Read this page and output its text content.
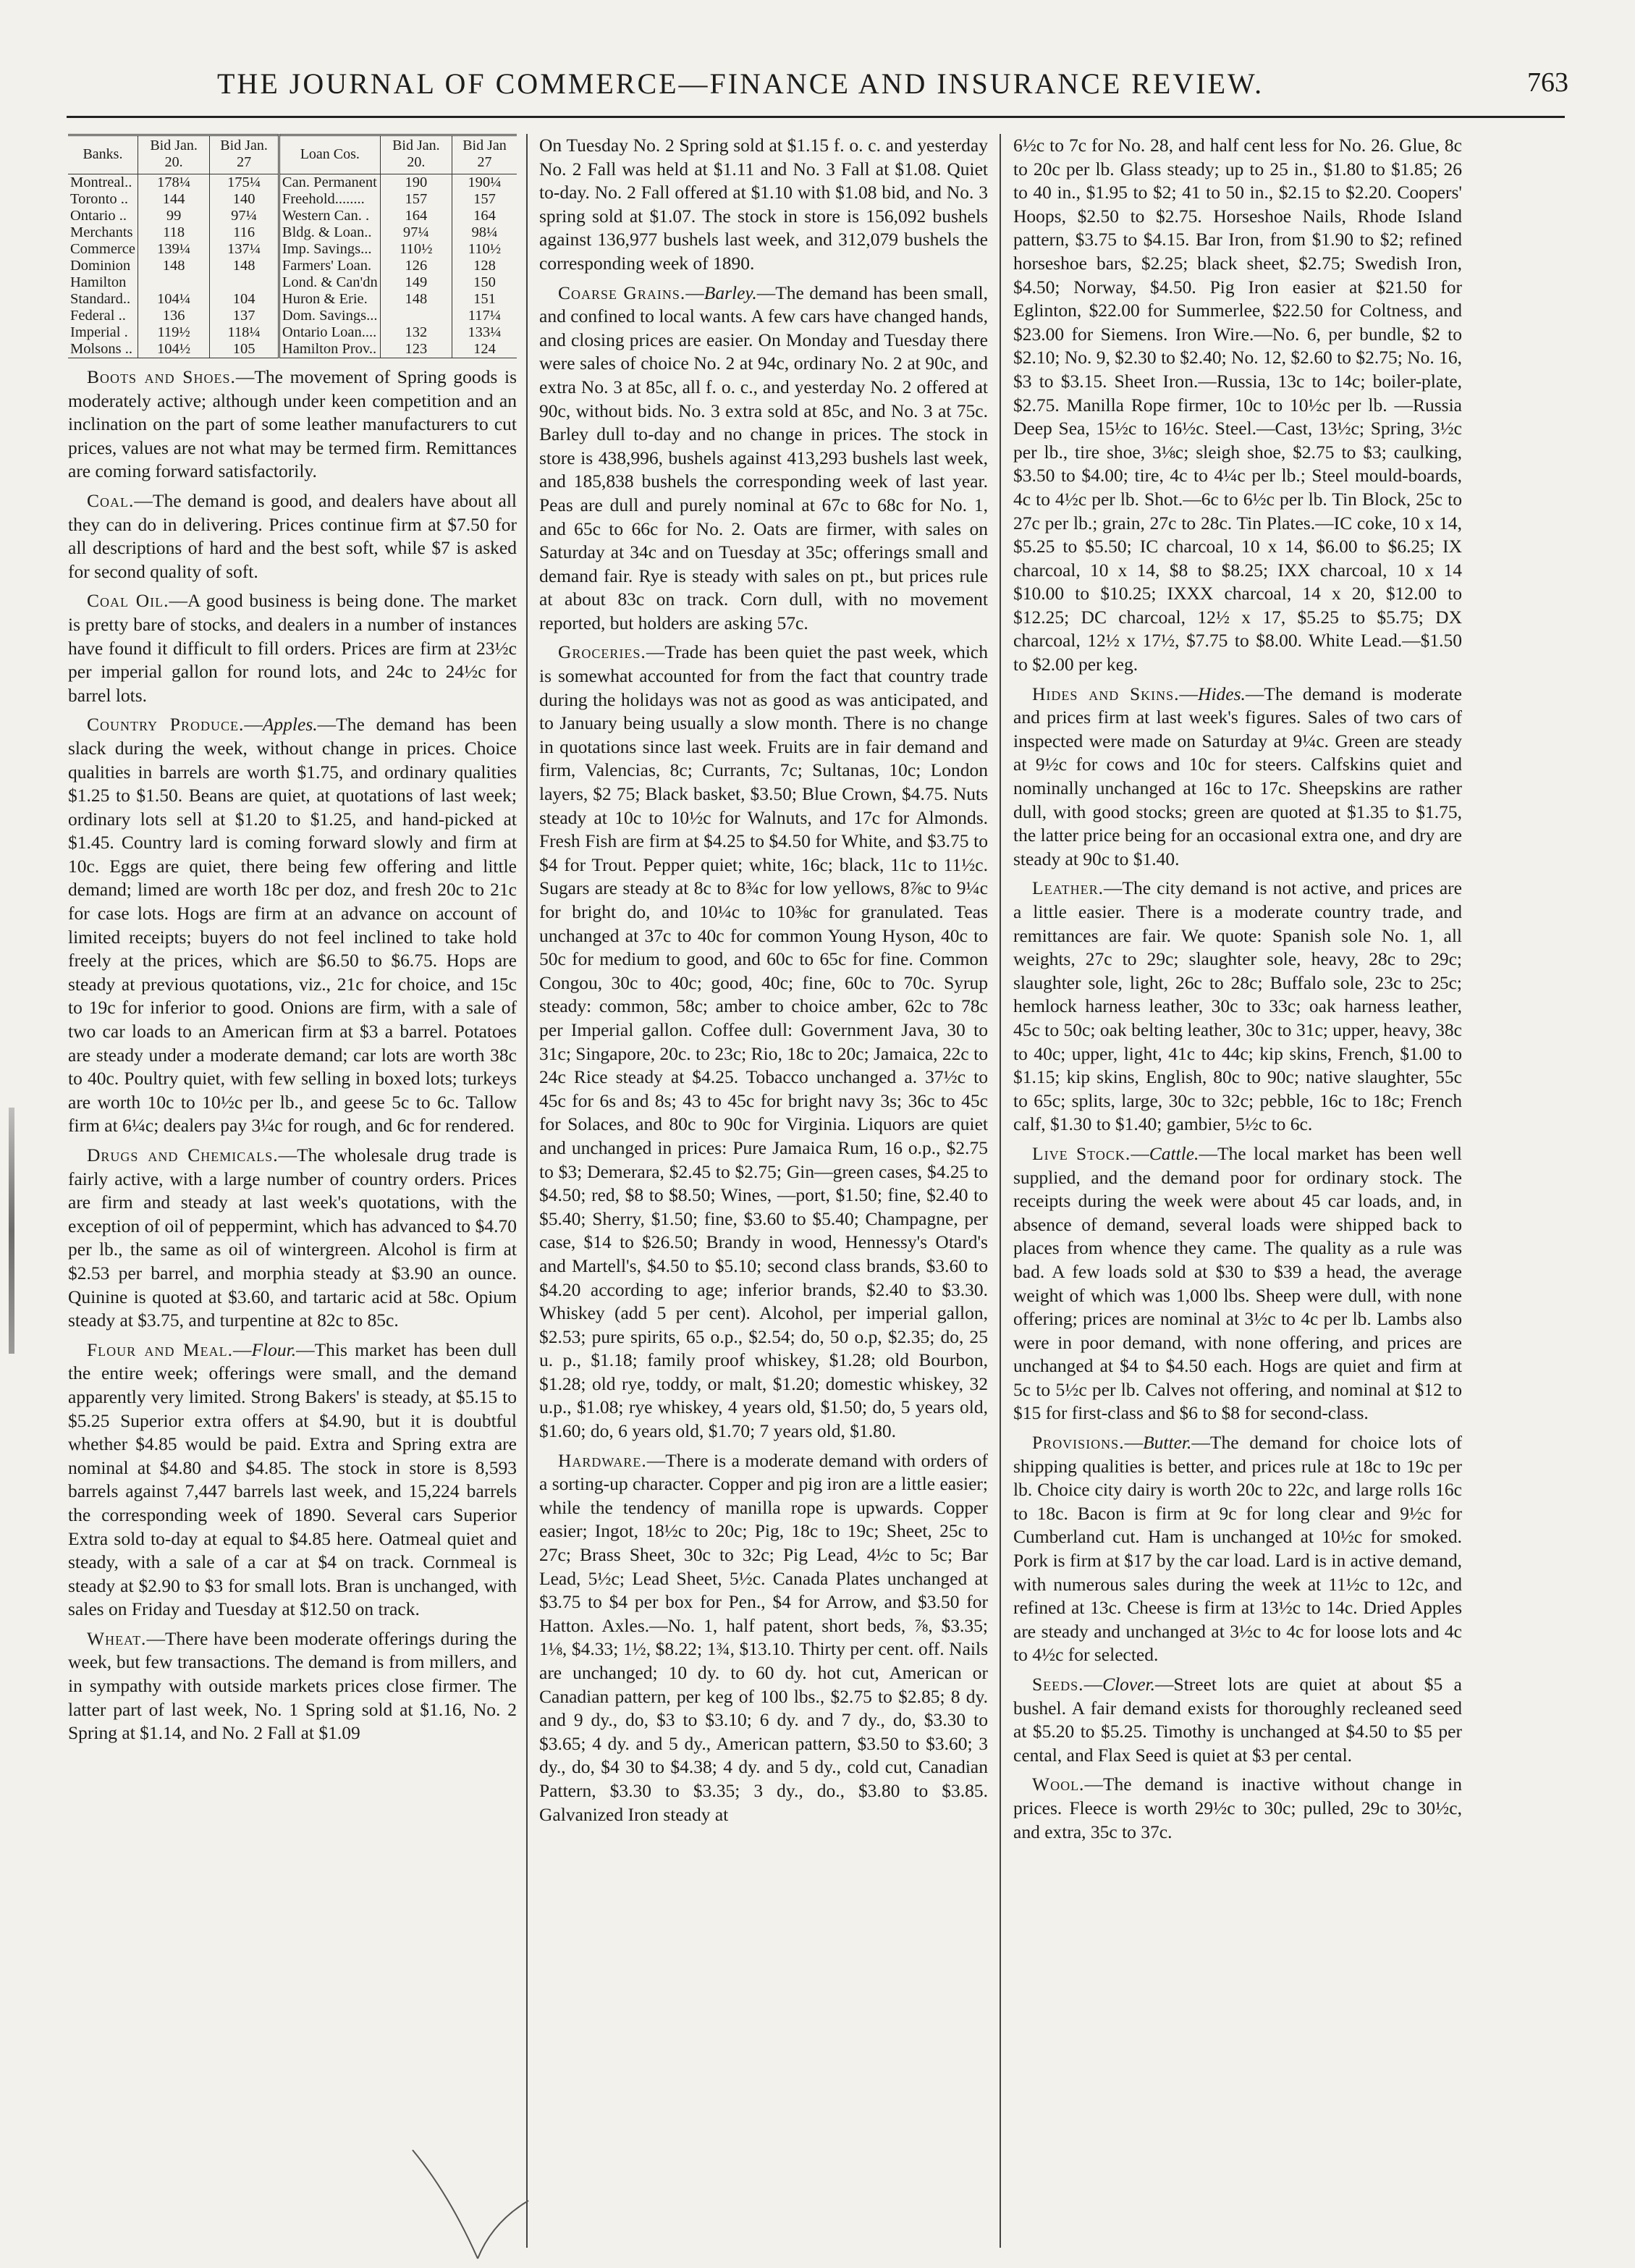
THE JOURNAL OF COMMERCE—FINANCE AND INSURANCE REVIEW.	763
Banks.	Bid Jan. 20.	Bid Jan. 27	Loan Cos.	Bid Jan. 20.	Bid Jan 27
Montreal..	178¼	175¼	Can. Permanent	190	190¼
Toronto ..	144	140	Freehold........	157	157
Ontario ..	99	97¼	Western Can. .	164	164
Merchants	118	116	Bldg. & Loan..	97¼	98¼
Commerce	139¼	137¼	Imp. Savings...	110½	110½
Dominion	148	148	Farmers' Loan.	126	128
Hamilton			Lond. & Can'dn	149	150
Standard..	104¼	104	Huron & Erie.	148	151
Federal ..	136	137	Dom. Savings...		117¼
Imperial .	119½	118¼	Ontario Loan....	132	133¼
Molsons ..	104½	105	Hamilton Prov..	123	124

Boots and Shoes.—The movement of Spring goods is moderately active; although under keen competition and an inclination on the part of some leather manufacturers to cut prices, values are not what may be termed firm. Remittances are coming forward satisfactorily.

Coal.—The demand is good, and dealers have about all they can do in delivering. Prices continue firm at $7.50 for all descriptions of hard and the best soft, while $7 is asked for second quality of soft.

Coal Oil.—A good business is being done. The market is pretty bare of stocks, and dealers in a number of instances have found it difficult to fill orders. Prices are firm at 23½c per imperial gallon for round lots, and 24c to 24½c for barrel lots.

Country Produce.—Apples.—The demand has been slack during the week, without change in prices. Choice qualities in barrels are worth $1.75, and ordinary qualities $1.25 to $1.50. Beans are quiet, at quotations of last week; ordinary lots sell at $1.20 to $1.25, and hand-picked at $1.45. Country lard is coming forward slowly and firm at 10c. Eggs are quiet, there being few offering and little demand; limed are worth 18c per doz, and fresh 20c to 21c for case lots. Hogs are firm at an advance on account of limited receipts; buyers do not feel inclined to take hold freely at the prices, which are $6.50 to $6.75. Hops are steady at previous quotations, viz., 21c for choice, and 15c to 19c for inferior to good. Onions are firm, with a sale of two car loads to an American firm at $3 a barrel. Potatoes are steady under a moderate demand; car lots are worth 38c to 40c. Poultry quiet, with few selling in boxed lots; turkeys are worth 10c to 10½c per lb., and geese 5c to 6c. Tallow firm at 6¼c; dealers pay 3¼c for rough, and 6c for rendered.

Drugs and Chemicals.—The wholesale drug trade is fairly active, with a large number of country orders. Prices are firm and steady at last week's quotations, with the exception of oil of peppermint, which has advanced to $4.70 per lb., the same as oil of wintergreen. Alcohol is firm at $2.53 per barrel, and morphia steady at $3.90 an ounce. Quinine is quoted at $3.60, and tartaric acid at 58c. Opium steady at $3.75, and turpentine at 82c to 85c.

Flour and Meal.—Flour.—This market has been dull the entire week; offerings were small, and the demand apparently very limited. Strong Bakers' is steady, at $5.15 to $5.25 Superior extra offers at $4.90, but it is doubtful whether $4.85 would be paid. Extra and Spring extra are nominal at $4.80 and $4.85. The stock in store is 8,593 barrels against 7,447 barrels last week, and 15,224 barrels the corresponding week of 1890. Several cars Superior Extra sold to-day at equal to $4.85 here. Oatmeal quiet and steady, with a sale of a car at $4 on track. Cornmeal is steady at $2.90 to $3 for small lots. Bran is unchanged, with sales on Friday and Tuesday at $12.50 on track.

Wheat.—There have been moderate offerings during the week, but few transactions. The demand is from millers, and in sympathy with outside markets prices close firmer. The latter part of last week, No. 1 Spring sold at $1.16, No. 2 Spring at $1.14, and No. 2 Fall at $1.09

On Tuesday No. 2 Spring sold at $1.15 f. o. c. and yesterday No. 2 Fall was held at $1.11 and No. 3 Fall at $1.08. Quiet to-day. No. 2 Fall offered at $1.10 with $1.08 bid, and No. 3 spring sold at $1.07. The stock in store is 156,092 bushels against 136,977 bushels last week, and 312,079 bushels the corresponding week of 1890.

Coarse Grains.—Barley.—The demand has been small, and confined to local wants. A few cars have changed hands, and closing prices are easier. On Monday and Tuesday there were sales of choice No. 2 at 94c, ordinary No. 2 at 90c, and extra No. 3 at 85c, all f. o. c., and yesterday No. 2 offered at 90c, without bids. No. 3 extra sold at 85c, and No. 3 at 75c. Barley dull to-day and no change in prices. The stock in store is 438,996, bushels against 413,293 bushels last week, and 185,838 bushels the corresponding week of last year. Peas are dull and purely nominal at 67c to 68c for No. 1, and 65c to 66c for No. 2. Oats are firmer, with sales on Saturday at 34c and on Tuesday at 35c; offerings small and demand fair. Rye is steady with sales on pt., but prices rule at about 83c on track. Corn dull, with no movement reported, but holders are asking 57c.

Groceries.—Trade has been quiet the past week, which is somewhat accounted for from the fact that country trade during the holidays was not as good as was anticipated, and to January being usually a slow month. There is no change in quotations since last week. Fruits are in fair demand and firm, Valencias, 8c; Currants, 7c; Sultanas, 10c; London layers, $2 75; Black basket, $3.50; Blue Crown, $4.75. Nuts steady at 10c to 10½c for Walnuts, and 17c for Almonds. Fresh Fish are firm at $4.25 to $4.50 for White, and $3.75 to $4 for Trout. Pepper quiet; white, 16c; black, 11c to 11½c. Sugars are steady at 8c to 8¾c for low yellows, 8⅞c to 9¼c for bright do, and 10¼c to 10⅜c for granulated. Teas unchanged at 37c to 40c for common Young Hyson, 40c to 50c for medium to good, and 60c to 65c for fine. Common Congou, 30c to 40c; good, 40c; fine, 60c to 70c. Syrup steady: common, 58c; amber to choice amber, 62c to 78c per Imperial gallon. Coffee dull: Government Java, 30 to 31c; Singapore, 20c. to 23c; Rio, 18c to 20c; Jamaica, 22c to 24c Rice steady at $4.25. Tobacco unchanged a. 37½c to 45c for 6s and 8s; 43 to 45c for bright navy 3s; 36c to 45c for Solaces, and 80c to 90c for Virginia. Liquors are quiet and unchanged in prices: Pure Jamaica Rum, 16 o.p., $2.75 to $3; Demerara, $2.45 to $2.75; Gin—green cases, $4.25 to $4.50; red, $8 to $8.50; Wines, —port, $1.50; fine, $2.40 to $5.40; Sherry, $1.50; fine, $3.60 to $5.40; Champagne, per case, $14 to $26.50; Brandy in wood, Hennessy's Otard's and Martell's, $4.50 to $5.10; second class brands, $3.60 to $4.20 according to age; inferior brands, $2.40 to $3.30. Whiskey (add 5 per cent). Alcohol, per imperial gallon, $2.53; pure spirits, 65 o.p., $2.54; do, 50 o.p, $2.35; do, 25 u. p., $1.18; family proof whiskey, $1.28; old Bourbon, $1.28; old rye, toddy, or malt, $1.20; domestic whiskey, 32 u.p., $1.08; rye whiskey, 4 years old, $1.50; do, 5 years old, $1.60; do, 6 years old, $1.70; 7 years old, $1.80.

Hardware.—There is a moderate demand with orders of a sorting-up character. Copper and pig iron are a little easier; while the tendency of manilla rope is upwards. Copper easier; Ingot, 18½c to 20c; Pig, 18c to 19c; Sheet, 25c to 27c; Brass Sheet, 30c to 32c; Pig Lead, 4½c to 5c; Bar Lead, 5½c; Lead Sheet, 5½c. Canada Plates unchanged at $3.75 to $4 per box for Pen., $4 for Arrow, and $3.50 for Hatton. Axles.—No. 1, half patent, short beds, ⅞, $3.35; 1⅛, $4.33; 1½, $8.22; 1¾, $13.10. Thirty per cent. off. Nails are unchanged; 10 dy. to 60 dy. hot cut, American or Canadian pattern, per keg of 100 lbs., $2.75 to $2.85; 8 dy. and 9 dy., do, $3 to $3.10; 6 dy. and 7 dy., do, $3.30 to $3.65; 4 dy. and 5 dy., American pattern, $3.50 to $3.60; 3 dy., do, $4 30 to $4.38; 4 dy. and 5 dy., cold cut, Canadian Pattern, $3.30 to $3.35; 3 dy., do., $3.80 to $3.85. Galvanized Iron steady at

6½c to 7c for No. 28, and half cent less for No. 26. Glue, 8c to 20c per lb. Glass steady; up to 25 in., $1.80 to $1.85; 26 to 40 in., $1.95 to $2; 41 to 50 in., $2.15 to $2.20. Coopers' Hoops, $2.50 to $2.75. Horseshoe Nails, Rhode Island pattern, $3.75 to $4.15. Bar Iron, from $1.90 to $2; refined horseshoe bars, $2.25; black sheet, $2.75; Swedish Iron, $4.50; Norway, $4.50. Pig Iron easier at $21.50 for Eglinton, $22.00 for Summerlee, $22.50 for Coltness, and $23.00 for Siemens. Iron Wire.—No. 6, per bundle, $2 to $2.10; No. 9, $2.30 to $2.40; No. 12, $2.60 to $2.75; No. 16, $3 to $3.15. Sheet Iron.—Russia, 13c to 14c; boiler-plate, $2.75. Manilla Rope firmer, 10c to 10½c per lb. —Russia Deep Sea, 15½c to 16½c. Steel.—Cast, 13½c; Spring, 3½c per lb., tire shoe, 3⅛c; sleigh shoe, $2.75 to $3; caulking, $3.50 to $4.00; tire, 4c to 4¼c per lb.; Steel mould-boards, 4c to 4½c per lb. Shot.—6c to 6½c per lb. Tin Block, 25c to 27c per lb.; grain, 27c to 28c. Tin Plates.—IC coke, 10 x 14, $5.25 to $5.50; IC charcoal, 10 x 14, $6.00 to $6.25; IX charcoal, 10 x 14, $8 to $8.25; IXX charcoal, 10 x 14 $10.00 to $10.25; IXXX charcoal, 14 x 20, $12.00 to $12.25; DC charcoal, 12½ x 17, $5.25 to $5.75; DX charcoal, 12½ x 17½, $7.75 to $8.00. White Lead.—$1.50 to $2.00 per keg.

Hides and Skins.—Hides.—The demand is moderate and prices firm at last week's figures. Sales of two cars of inspected were made on Saturday at 9¼c. Green are steady at 9½c for cows and 10c for steers. Calfskins quiet and nominally unchanged at 16c to 17c. Sheepskins are rather dull, with good stocks; green are quoted at $1.35 to $1.75, the latter price being for an occasional extra one, and dry are steady at 90c to $1.40.

Leather.—The city demand is not active, and prices are a little easier. There is a moderate country trade, and remittances are fair. We quote: Spanish sole No. 1, all weights, 27c to 29c; slaughter sole, heavy, 28c to 29c; slaughter sole, light, 26c to 28c; Buffalo sole, 23c to 25c; hemlock harness leather, 30c to 33c; oak harness leather, 45c to 50c; oak belting leather, 30c to 31c; upper, heavy, 38c to 40c; upper, light, 41c to 44c; kip skins, French, $1.00 to $1.15; kip skins, English, 80c to 90c; native slaughter, 55c to 65c; splits, large, 30c to 32c; pebble, 16c to 18c; French calf, $1.30 to $1.40; gambier, 5½c to 6c.

Live Stock.—Cattle.—The local market has been well supplied, and the demand poor for ordinary stock. The receipts during the week were about 45 car loads, and, in absence of demand, several loads were shipped back to places from whence they came. The quality as a rule was bad. A few loads sold at $30 to $39 a head, the average weight of which was 1,000 lbs. Sheep were dull, with none offering; prices are nominal at 3½c to 4c per lb. Lambs also were in poor demand, with none offering, and prices are unchanged at $4 to $4.50 each. Hogs are quiet and firm at 5c to 5½c per lb. Calves not offering, and nominal at $12 to $15 for first-class and $6 to $8 for second-class.

Provisions.—Butter.—The demand for choice lots of shipping qualities is better, and prices rule at 18c to 19c per lb. Choice city dairy is worth 20c to 22c, and large rolls 16c to 18c. Bacon is firm at 9c for long clear and 9½c for Cumberland cut. Ham is unchanged at 10½c for smoked. Pork is firm at $17 by the car load. Lard is in active demand, with numerous sales during the week at 11½c to 12c, and refined at 13c. Cheese is firm at 13½c to 14c. Dried Apples are steady and unchanged at 3½c to 4c for loose lots and 4c to 4½c for selected.

Seeds.—Clover.—Street lots are quiet at about $5 a bushel. A fair demand exists for thoroughly recleaned seed at $5.20 to $5.25. Timothy is unchanged at $4.50 to $5 per cental, and Flax Seed is quiet at $3 per cental.

Wool.—The demand is inactive without change in prices. Fleece is worth 29½c to 30c; pulled, 29c to 30½c, and extra, 35c to 37c.
